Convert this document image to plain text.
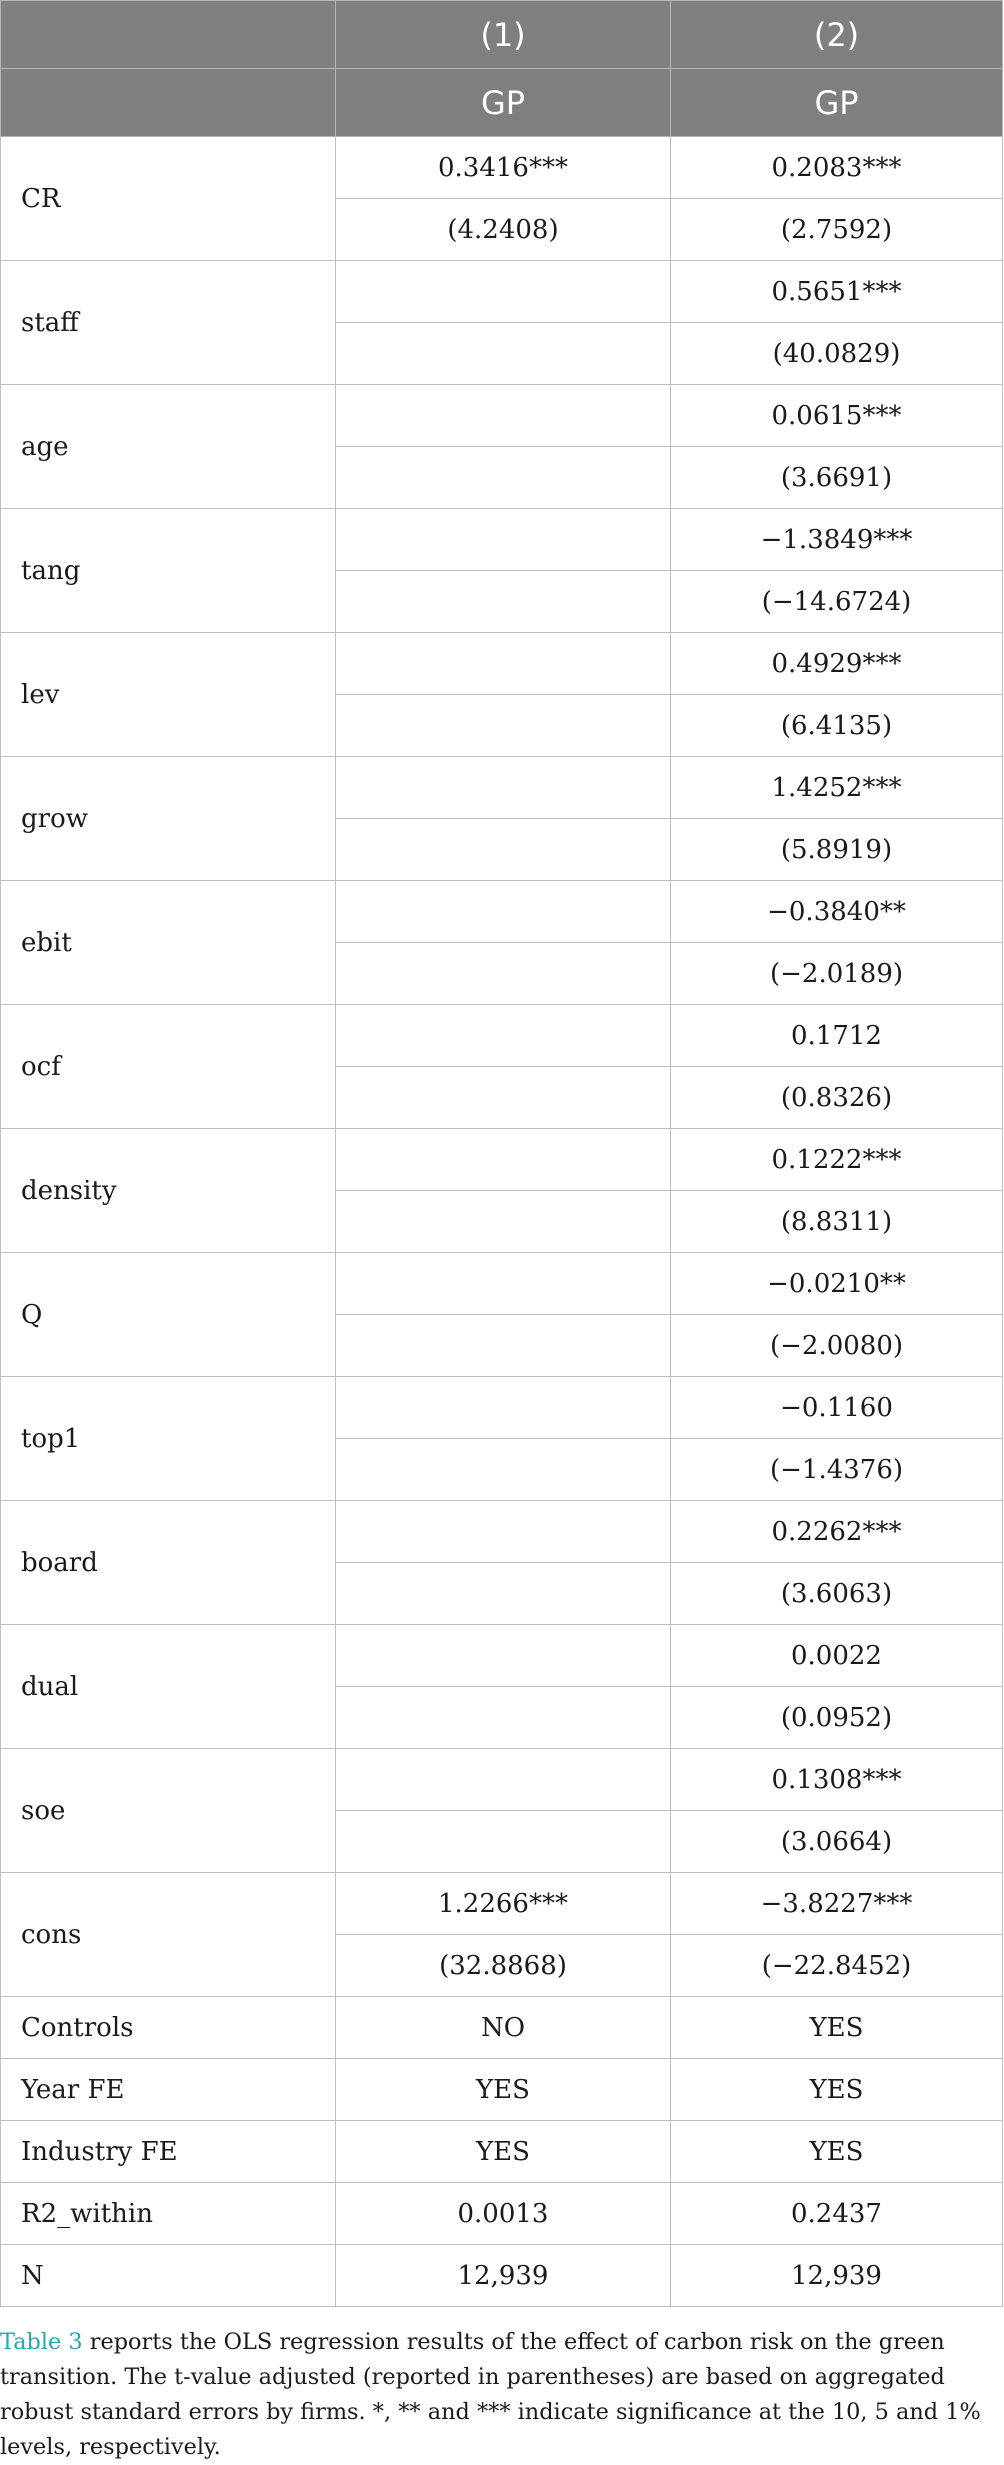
	(1)	(2)
	GP	GP
CR	0.3416***	0.2083***
	(4.2408)	(2.7592)
staff		0.5651***
		(40.0829)
age		0.0615***
		(3.6691)
tang		−1.3849***
		(−14.6724)
lev		0.4929***
		(6.4135)
grow		1.4252***
		(5.8919)
ebit		−0.3840**
		(−2.0189)
ocf		0.1712
		(0.8326)
density		0.1222***
		(8.8311)
Q		−0.0210**
		(−2.0080)
top1		−0.1160
		(−1.4376)
board		0.2262***
		(3.6063)
dual		0.0022
		(0.0952)
soe		0.1308***
		(3.0664)
cons	1.2266***	−3.8227***
	(32.8868)	(−22.8452)
Controls	NO	YES
Year FE	YES	YES
Industry FE	YES	YES
R2_within	0.0013	0.2437
N	12,939	12,939

Table 3 reports the OLS regression results of the effect of carbon risk on the green transition. The t-value adjusted (reported in parentheses) are based on aggregated robust standard errors by firms. *, ** and *** indicate significance at the 10, 5 and 1% levels, respectively.
